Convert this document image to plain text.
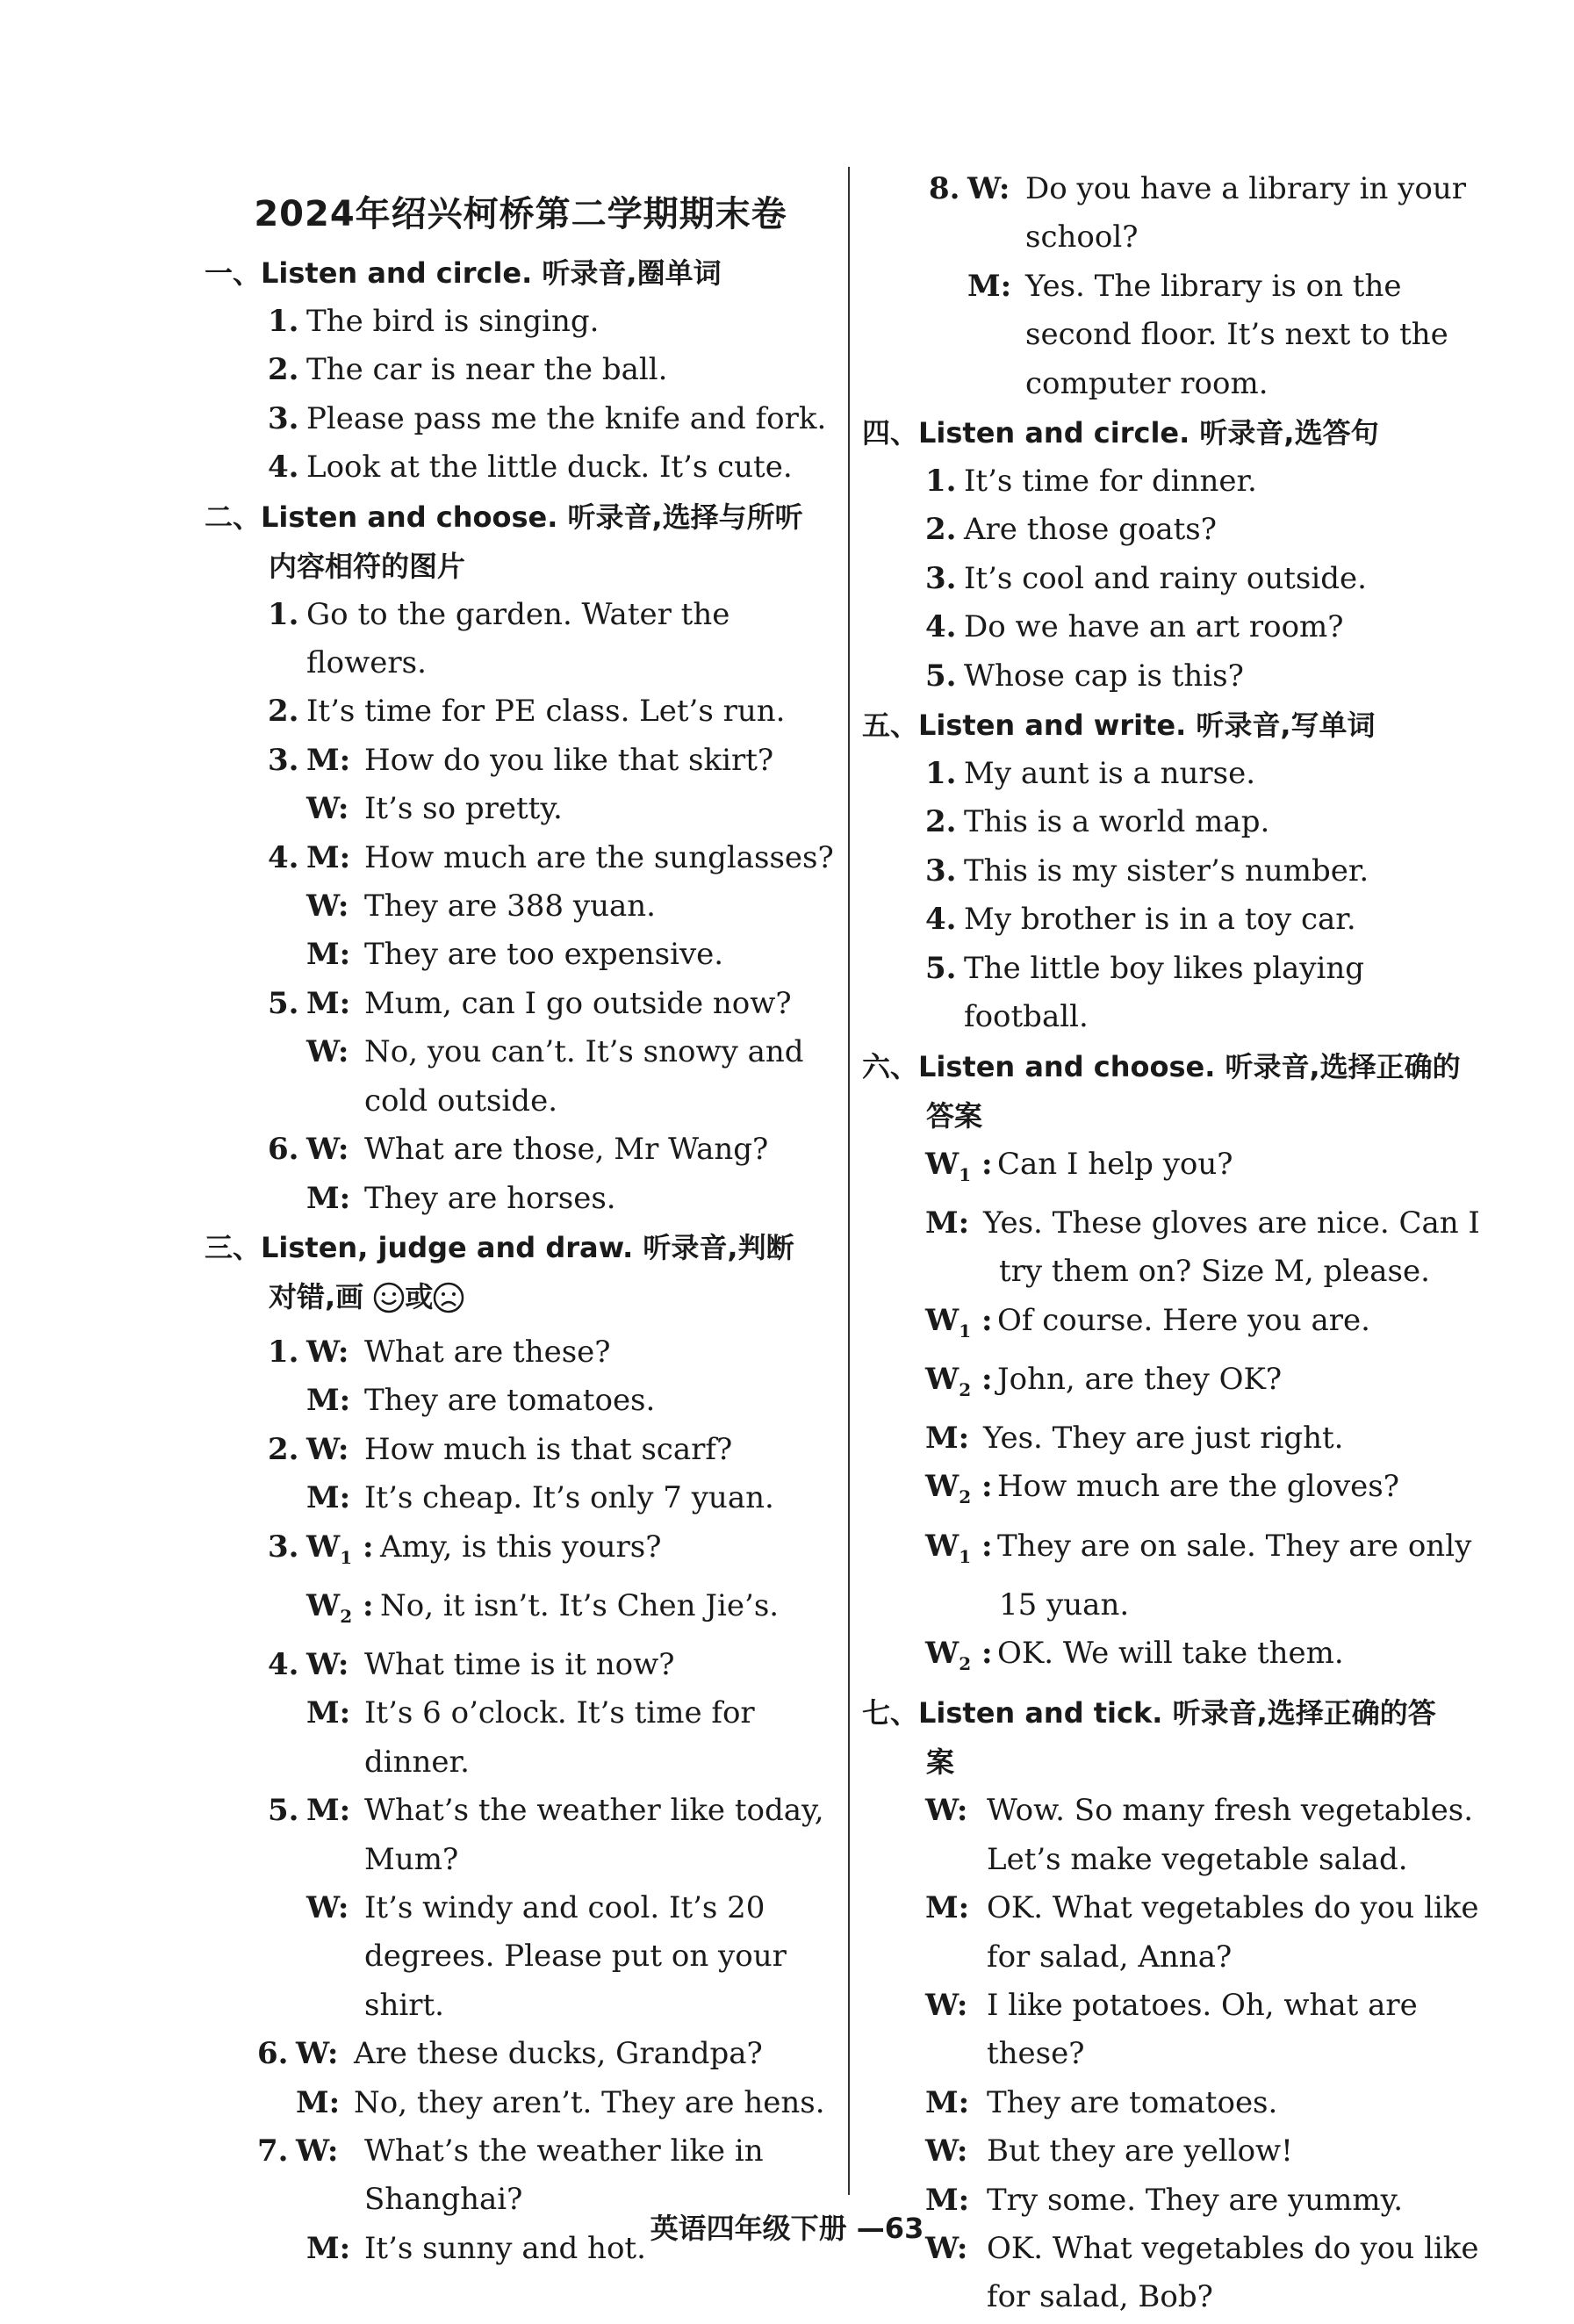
2024年绍兴柯桥第二学期期末卷
一、Listen and circle. 听录音,圈单词
1. The bird is singing.
2. The car is near the ball.
3. Please pass me the knife and fork.
4. Look at the little duck. It’s cute.
二、Listen and choose. 听录音,选择与所听
内容相符的图片
1. Go to the garden. Water the flowers.
2. It’s time for PE class. Let’s run.
3. M: How do you like that skirt?
W: It’s so pretty.
4. M: How much are the sunglasses?
W: They are 388 yuan.
M: They are too expensive.
5. M: Mum, can I go outside now?
W: No, you can’t. It’s snowy and
cold outside.
6. W: What are those, Mr Wang?
M: They are horses.
三、Listen, judge and draw. 听录音,判断
对错,画 或
1. W: What are these?
M: They are tomatoes.
2. W: How much is that scarf?
M: It’s cheap. It’s only 7 yuan.
3. $W_1$ : Amy, is this yours?
$W_2$ : No, it isn’t. It’s Chen Jie’s.
4. W: What time is it now?
M: It’s 6 o’clock. It’s time for
dinner.
5. M: What’s the weather like today,
Mum?
W: It’s windy and cool. It’s 20
degrees. Please put on your
shirt.
6. W: Are these ducks, Grandpa?
M: No, they aren’t. They are hens.
7. W: What’s the weather like in
Shanghai?
M: It’s sunny and hot.
8. W: Do you have a library in your
school?
M: Yes. The library is on the
second floor. It’s next to the
computer room.
四、Listen and circle. 听录音,选答句
1. It’s time for dinner.
2. Are those goats?
3. It’s cool and rainy outside.
4. Do we have an art room?
5. Whose cap is this?
五、Listen and write. 听录音,写单词
1. My aunt is a nurse.
2. This is a world map.
3. This is my sister’s number.
4. My brother is in a toy car.
5. The little boy likes playing football.
六、Listen and choose. 听录音,选择正确的
答案
$W_1$ : Can I help you?
M: Yes. These gloves are nice. Can I
try them on? Size M, please.
$W_1$ : Of course. Here you are.
$W_2$ : John, are they OK?
M: Yes. They are just right.
$W_2$ : How much are the gloves?
$W_1$ : They are on sale. They are only
15 yuan.
$W_2$ : OK. We will take them.
七、Listen and tick. 听录音,选择正确的答
案
W: Wow. So many fresh vegetables.
Let’s make vegetable salad.
M: OK. What vegetables do you like
for salad, Anna?
W: I like potatoes. Oh, what are
these?
M: They are tomatoes.
W: But they are yellow!
M: Try some. They are yummy.
W: OK. What vegetables do you like
for salad, Bob?
英语四年级下册 —63
